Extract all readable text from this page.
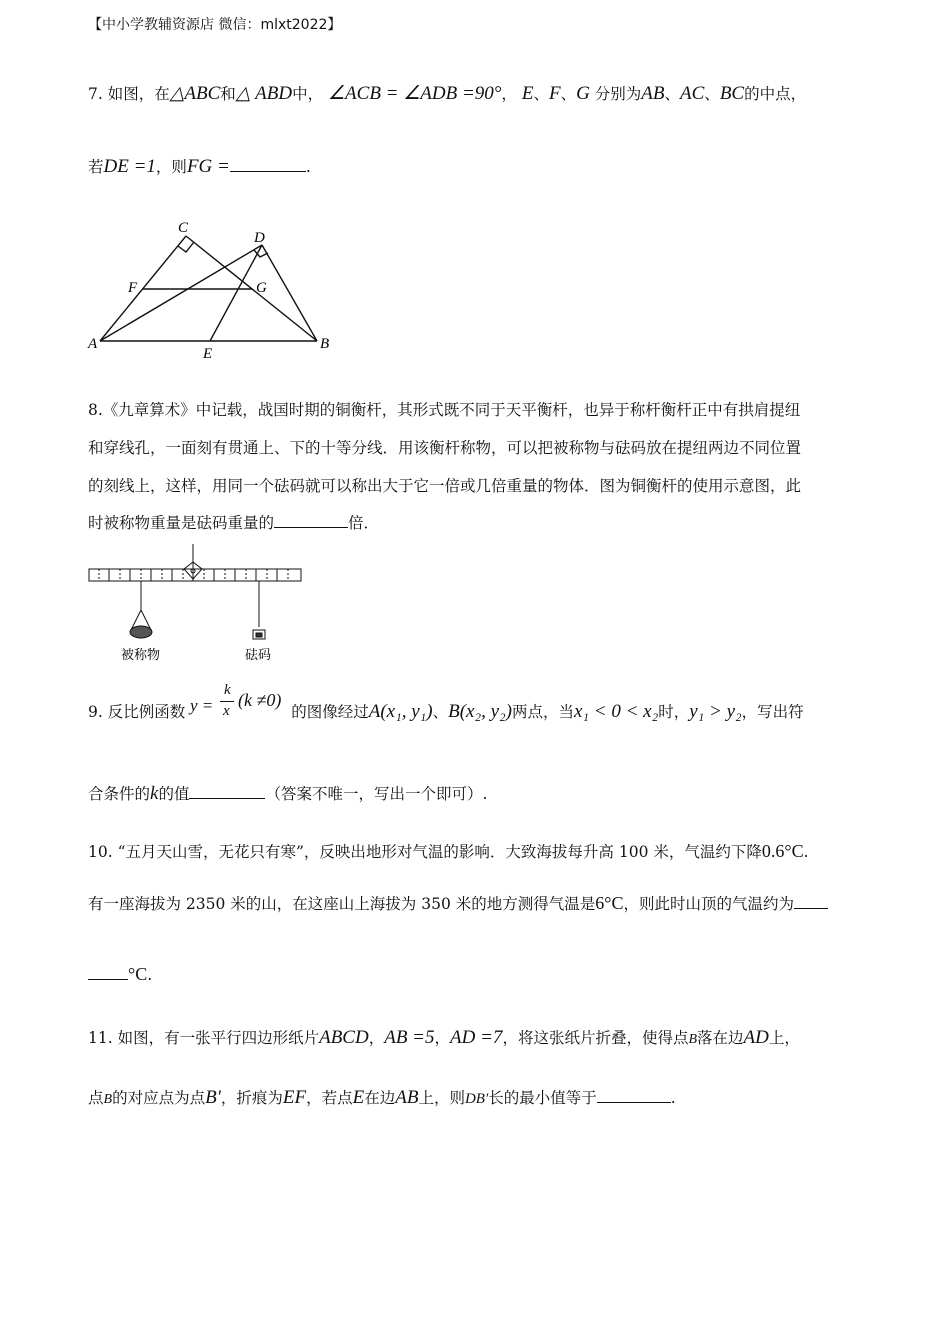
【中小学教辅资源店 微信：mlxt2022】
7. 如图，在△ABC和△ ABD中， ∠ACB = ∠ADB =90°， E、F、G 分别为AB、AC、BC的中点，
若DE =1，则FG =	.
C
D
F	G
A	B
E
8.《九章算术》中记载，战国时期的铜衡杆，其形式既不同于天平衡杆，也异于称杆衡杆正中有拱肩提纽
和穿线孔，一面刻有贯通上、下的十等分线．用该衡杆称物，可以把被称物与砝码放在提纽两边不同位置
的刻线上，这样，用同一个砝码就可以称出大于它一倍或几倍重量的物体．图为铜衡杆的使用示意图，此
时被称物重量是砝码重量的	倍．
被称物	砝码
y =
k
x
(k ≠0)
9. 反比例函数	的图像经过A(x₁, y₁)、B(x₂, y₂)两点，当x₁ < 0 < x₂时，y₁ > y₂，写出符
合条件的k的值	（答案不唯一，写出一个即可）.
10. “五月天山雪，无花只有寒”，反映出地形对气温的影响．大致海拔每升高 100 米，气温约下降0.6°C.
有一座海拔为 2350 米的山，在这座山上海拔为 350 米的地方测得气温是6°C，则此时山顶的气温约为
°C.
11. 如图，有一张平行四边形纸片ABCD，AB =5，AD =7，将这张纸片折叠，使得点B落在边AD上，
点B的对应点为点B′，折痕为EF，若点E在边AB上，则DB′长的最小值等于	.
